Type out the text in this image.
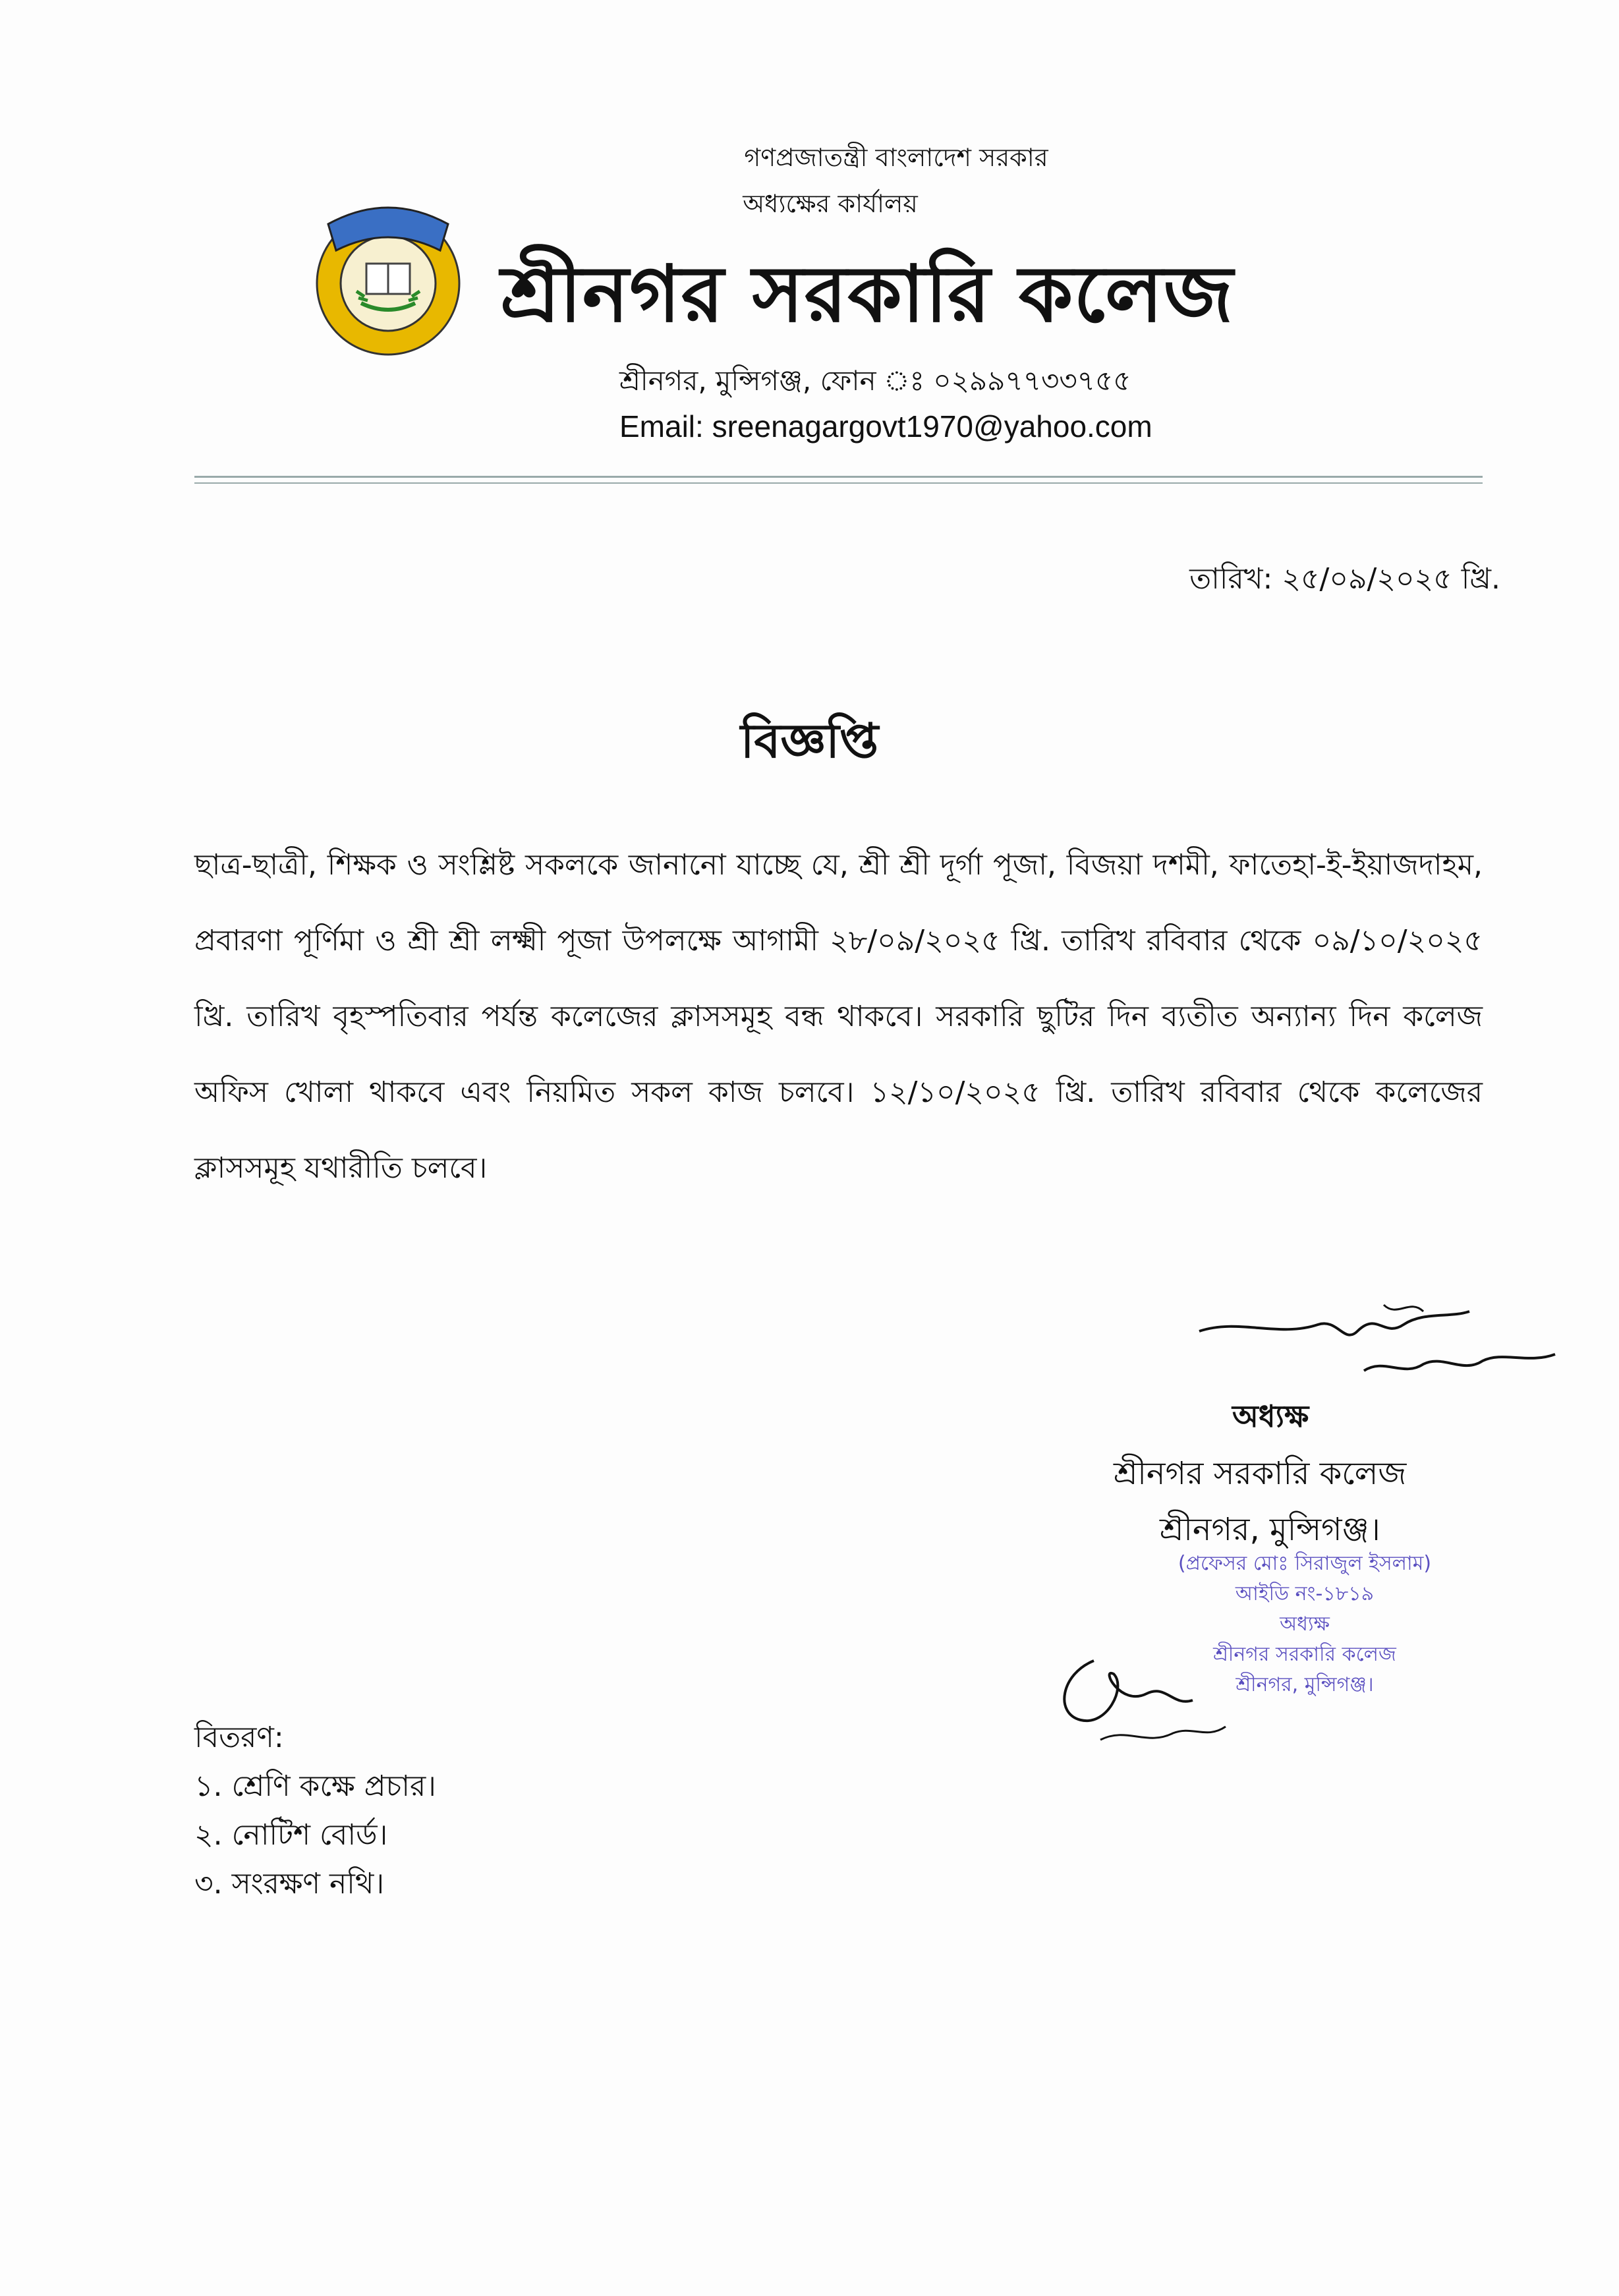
গণপ্রজাতন্ত্রী বাংলাদেশ সরকার
অধ্যক্ষের কার্যালয়
শ্রীনগর সরকারি কলেজ
শ্রীনগর, মুন্সিগঞ্জ, ফোন ঃ ০২৯৯৭৭৩৩৭৫৫
Email: sreenagargovt1970@yahoo.com
তারিখ: ২৫/০৯/২০২৫ খ্রি.
বিজ্ঞপ্তি
ছাত্র-ছাত্রী, শিক্ষক ও সংশ্লিষ্ট সকলকে জানানো যাচ্ছে যে, শ্রী শ্রী দূর্গা পূজা, বিজয়া দশমী, ফাতেহা-ই-ইয়াজদাহম, প্রবারণা পূর্ণিমা ও শ্রী শ্রী লক্ষ্মী পূজা উপলক্ষে আগামী ২৮/০৯/২০২৫ খ্রি. তারিখ রবিবার থেকে ০৯/১০/২০২৫ খ্রি. তারিখ বৃহস্পতিবার পর্যন্ত কলেজের ক্লাসসমূহ বন্ধ থাকবে। সরকারি ছুটির দিন ব্যতীত অন্যান্য দিন কলেজ অফিস খোলা থাকবে এবং নিয়মিত সকল কাজ চলবে। ১২/১০/২০২৫ খ্রি. তারিখ রবিবার থেকে কলেজের ক্লাসসমূহ যথারীতি চলবে।
অধ্যক্ষ
শ্রীনগর সরকারি কলেজ
শ্রীনগর, মুন্সিগঞ্জ।
(প্রফেসর মোঃ সিরাজুল ইসলাম)
আইডি নং-১৮১৯
অধ্যক্ষ
শ্রীনগর সরকারি কলেজ
শ্রীনগর, মুন্সিগঞ্জ।
বিতরণ:
১. শ্রেণি কক্ষে প্রচার।
২. নোটিশ বোর্ড।
৩. সংরক্ষণ নথি।
